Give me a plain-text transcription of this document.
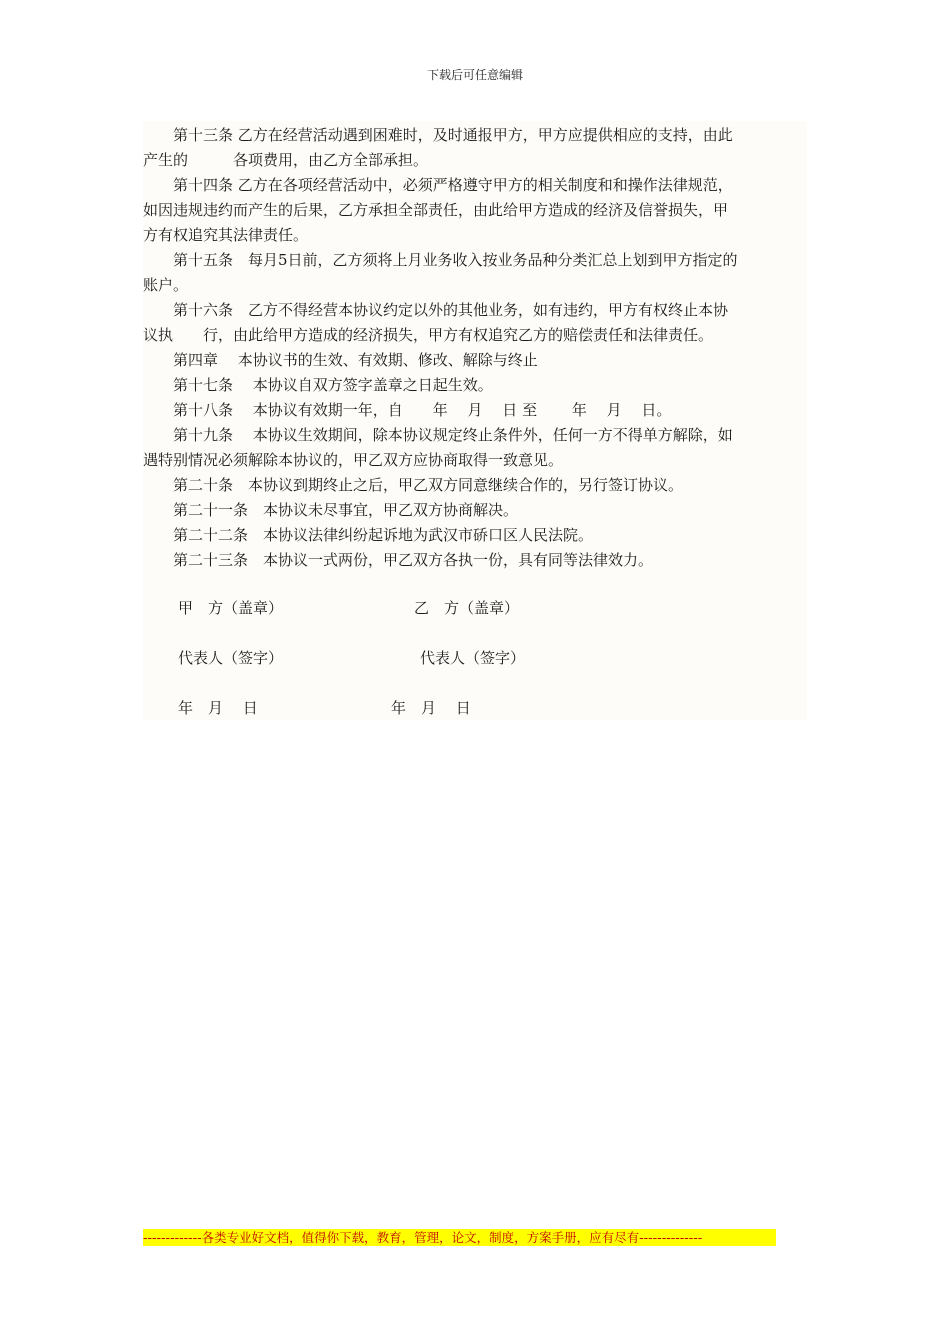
下载后可任意编辑
　　第十三条 乙方在经营活动遇到困难时，及时通报甲方，甲方应提供相应的支持，由此
产生的　　　各项费用，由乙方全部承担。
　　第十四条 乙方在各项经营活动中，必须严格遵守甲方的相关制度和和操作法律规范，
如因违规违约而产生的后果，乙方承担全部责任，由此给甲方造成的经济及信誉损失，甲
方有权追究其法律责任。
　　第十五条　每月5日前，乙方须将上月业务收入按业务品种分类汇总上划到甲方指定的
账户。
　　第十六条　乙方不得经营本协议约定以外的其他业务，如有违约，甲方有权终止本协
议执　　行，由此给甲方造成的经济损失，甲方有权追究乙方的赔偿责任和法律责任。
　　第四章　 本协议书的生效、有效期、修改、解除与终止
　　第十七条　 本协议自双方签字盖章之日起生效。
　　第十八条　 本协议有效期一年，自　　年　 月　 日 至　　 年　 月　 日。
　　第十九条　 本协议生效期间，除本协议规定终止条件外，任何一方不得单方解除，如
遇特别情况必须解除本协议的，甲乙双方应协商取得一致意见。
　　第二十条　本协议到期终止之后，甲乙双方同意继续合作的，另行签订协议。
　　第二十一条　本协议未尽事宜，甲乙双方协商解决。
　　第二十二条　本协议法律纠纷起诉地为武汉市硚口区人民法院。
　　第二十三条　本协议一式两份，甲乙双方各执一份，具有同等法律效力。
甲　方（盖章）	乙　方（盖章）
代表人（签字）	代表人（签字）
年　月　 日	年　月　 日
-------------各类专业好文档，值得你下载，教育，管理，论文，制度，方案手册，应有尽有--------------
